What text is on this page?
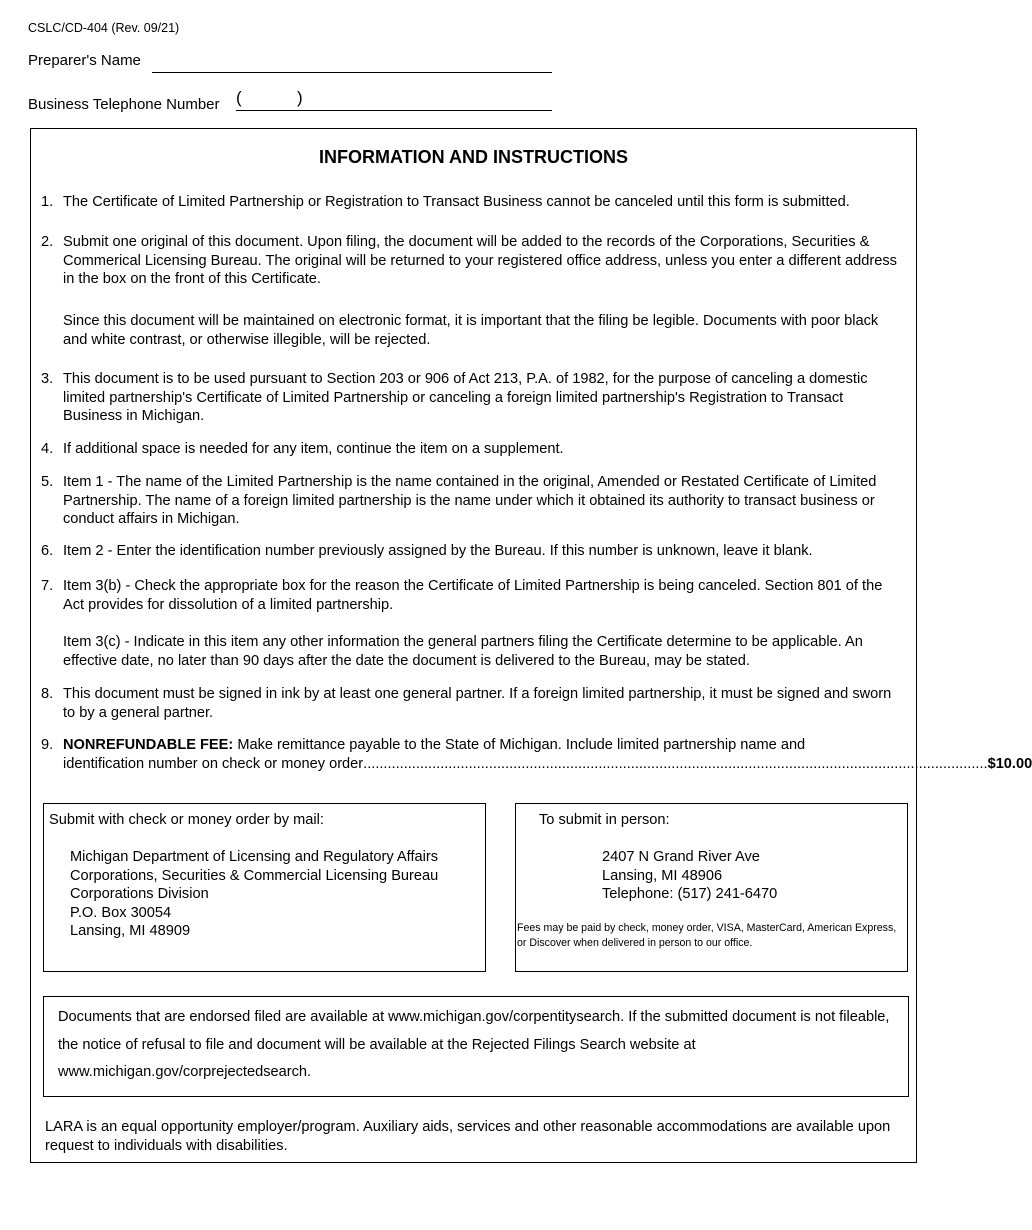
CSLC/CD-404 (Rev. 09/21)
Preparer's Name
Business Telephone Number (	)
INFORMATION AND INSTRUCTIONS
1. The Certificate of Limited Partnership or Registration to Transact Business cannot be canceled until this form is submitted.
2. Submit one original of this document. Upon filing, the document will be added to the records of the Corporations, Securities & Commerical Licensing Bureau. The original will be returned to your registered office address, unless you enter a different address in the box on the front of this Certificate.
Since this document will be maintained on electronic format, it is important that the filing be legible. Documents with poor black and white contrast, or otherwise illegible, will be rejected.
3. This document is to be used pursuant to Section 203 or 906 of Act 213, P.A. of 1982, for the purpose of canceling a domestic limited partnership's Certificate of Limited Partnership or canceling a foreign limited partnership's Registration to Transact Business in Michigan.
4. If additional space is needed for any item, continue the item on a supplement.
5. Item 1 - The name of the Limited Partnership is the name contained in the original, Amended or Restated Certificate of Limited Partnership. The name of a foreign limited partnership is the name under which it obtained its authority to transact business or conduct affairs in Michigan.
6. Item 2 - Enter the identification number previously assigned by the Bureau. If this number is unknown, leave it blank.
7. Item 3(b) - Check the appropriate box for the reason the Certificate of Limited Partnership is being canceled. Section 801 of the Act provides for dissolution of a limited partnership.
Item 3(c) - Indicate in this item any other information the general partners filing the Certificate determine to be applicable. An effective date, no later than 90 days after the date the document is delivered to the Bureau, may be stated.
8. This document must be signed in ink by at least one general partner. If a foreign limited partnership, it must be signed and sworn to by a general partner.
9. NONREFUNDABLE FEE: Make remittance payable to the State of Michigan. Include limited partnership name and
identification number on check or money order .......................................................................................................................................................... $10.00
Submit with check or money order by mail:
Michigan Department of Licensing and Regulatory Affairs
Corporations, Securities & Commercial Licensing Bureau
Corporations Division
P.O. Box 30054
Lansing, MI 48909
To submit in person:
2407 N Grand River Ave
Lansing, MI 48906
Telephone: (517) 241-6470
Fees may be paid by check, money order, VISA, MasterCard, American Express, or Discover when delivered in person to our office.
Documents that are endorsed filed are available at www.michigan.gov/corpentitysearch. If the submitted document is not fileable, the notice of refusal to file and document will be available at the Rejected Filings Search website at www.michigan.gov/corprejectedsearch.
LARA is an equal opportunity employer/program. Auxiliary aids, services and other reasonable accommodations are available upon request to individuals with disabilities.
